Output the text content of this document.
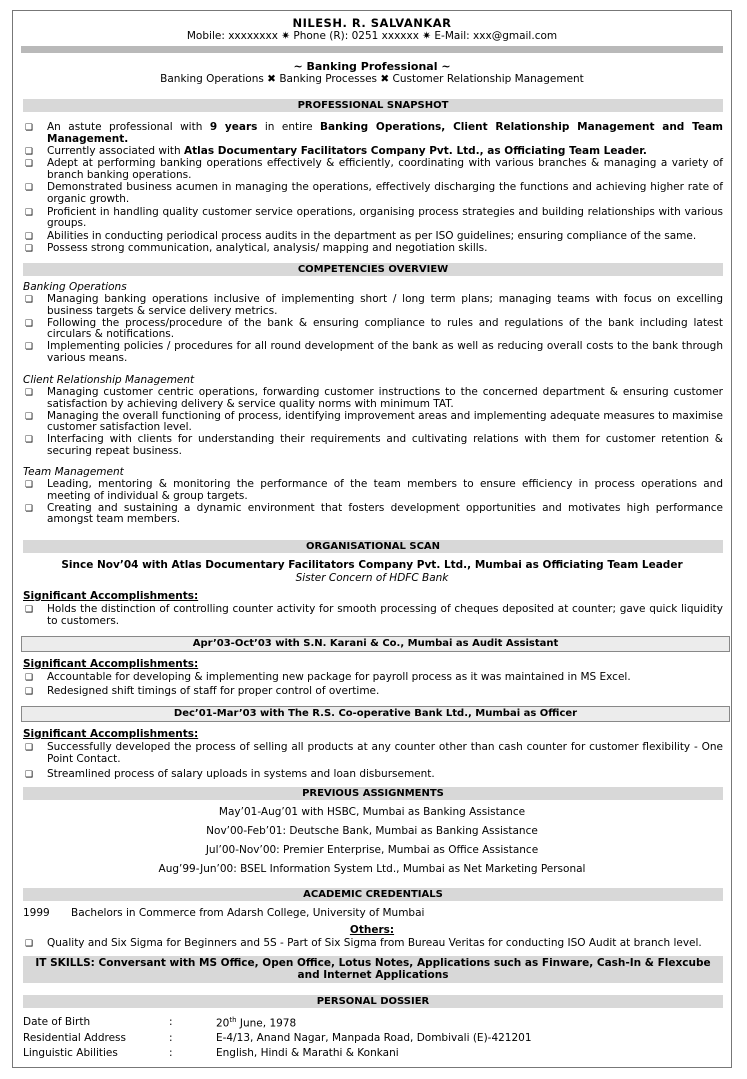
NILESH. R. SALVANKAR
Mobile: xxxxxxxx ✷ Phone (R): 0251 xxxxxx ✷ E-Mail: xxx@gmail.com
~ Banking Professional ~
Banking Operations ✖ Banking Processes ✖ Customer Relationship Management
PROFESSIONAL SNAPSHOT
❏ An astute professional with 9 years in entire Banking Operations, Client Relationship Management and Team Management.
❏ Currently associated with Atlas Documentary Facilitators Company Pvt. Ltd., as Officiating Team Leader.
❏ Adept at performing banking operations effectively & efficiently, coordinating with various branches & managing a variety of branch banking operations.
❏ Demonstrated business acumen in managing the operations, effectively discharging the functions and achieving higher rate of organic growth.
❏ Proficient in handling quality customer service operations, organising process strategies and building relationships with various groups.
❏ Abilities in conducting periodical process audits in the department as per ISO guidelines; ensuring compliance of the same.
❏ Possess strong communication, analytical, analysis/ mapping and negotiation skills.
COMPETENCIES OVERVIEW
Banking Operations
❏ Managing banking operations inclusive of implementing short / long term plans; managing teams with focus on excelling business targets & service delivery metrics.
❏ Following the process/procedure of the bank & ensuring compliance to rules and regulations of the bank including latest circulars & notifications.
❏ Implementing policies / procedures for all round development of the bank as well as reducing overall costs to the bank through various means.
Client Relationship Management
❏ Managing customer centric operations, forwarding customer instructions to the concerned department & ensuring customer satisfaction by achieving delivery & service quality norms with minimum TAT.
❏ Managing the overall functioning of process, identifying improvement areas and implementing adequate measures to maximise customer satisfaction level.
❏ Interfacing with clients for understanding their requirements and cultivating relations with them for customer retention & securing repeat business.
Team Management
❏ Leading, mentoring & monitoring the performance of the team members to ensure efficiency in process operations and meeting of individual & group targets.
❏ Creating and sustaining a dynamic environment that fosters development opportunities and motivates high performance amongst team members.
ORGANISATIONAL SCAN
Since Nov’04 with Atlas Documentary Facilitators Company Pvt. Ltd., Mumbai as Officiating Team Leader
Sister Concern of HDFC Bank
Significant Accomplishments:
❑ Holds the distinction of controlling counter activity for smooth processing of cheques deposited at counter; gave quick liquidity to customers.
Apr’03-Oct’03 with S.N. Karani & Co., Mumbai as Audit Assistant
Significant Accomplishments:
❑ Accountable for developing & implementing new package for payroll process as it was maintained in MS Excel.
❑ Redesigned shift timings of staff for proper control of overtime.
Dec’01-Mar’03 with The R.S. Co-operative Bank Ltd., Mumbai as Officer
Significant Accomplishments:
❑ Successfully developed the process of selling all products at any counter other than cash counter for customer flexibility - One Point Contact.
❑ Streamlined process of salary uploads in systems and loan disbursement.
PREVIOUS ASSIGNMENTS
May’01-Aug’01 with HSBC, Mumbai as Banking Assistance
Nov’00-Feb’01: Deutsche Bank, Mumbai as Banking Assistance
Jul’00-Nov’00: Premier Enterprise, Mumbai as Office Assistance
Aug’99-Jun’00: BSEL Information System Ltd., Mumbai as Net Marketing Personal
ACADEMIC CREDENTIALS
1999 Bachelors in Commerce from Adarsh College, University of Mumbai
Others:
❑ Quality and Six Sigma for Beginners and 5S - Part of Six Sigma from Bureau Veritas for conducting ISO Audit at branch level.
IT SKILLS: Conversant with MS Office, Open Office, Lotus Notes, Applications such as Finware, Cash-In & Flexcube and Internet Applications
PERSONAL DOSSIER
Date of Birth	:	20th June, 1978
Residential Address	:	E-4/13, Anand Nagar, Manpada Road, Dombivali (E)-421201
Linguistic Abilities	:	English, Hindi & Marathi & Konkani
